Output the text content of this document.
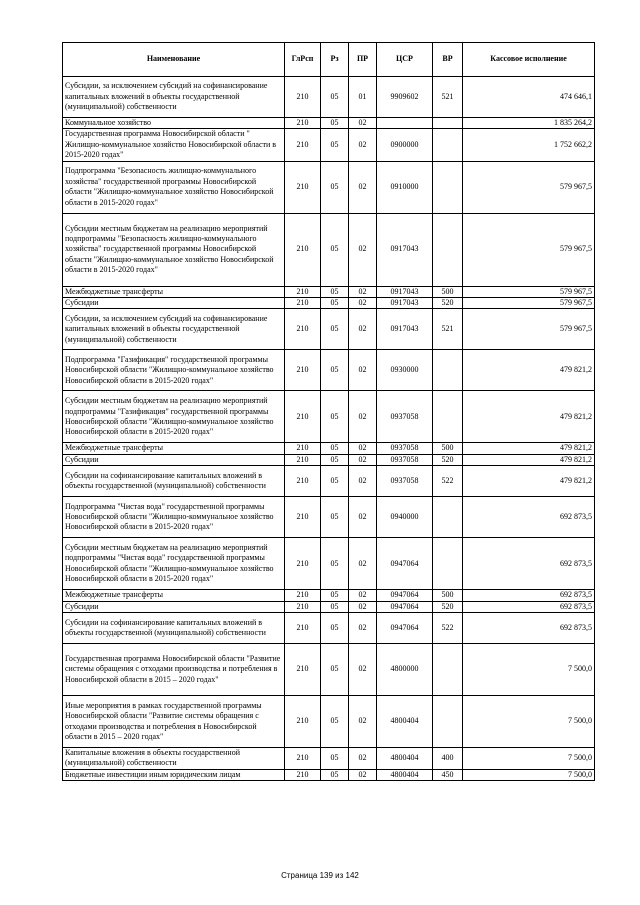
Наименование	ГлРсп	Рз	ПР	ЦСР	ВР	Кассовое исполнение
Субсидии, за исключением субсидий на софинансирование капитальных вложений в объекты государственной (муниципальной) собственности	210	05	01	9909602	521	474 646,1
Коммунальное хозяйство	210	05	02			1 835 264,2
Государственная программа Новосибирской области " Жилищно-коммунальное хозяйство Новосибирской области в 2015-2020 годах"	210	05	02	0900000		1 752 662,2
Подпрограмма "Безопасность жилищно-коммунального хозяйства" государственной программы Новосибирской области "Жилищно-коммунальное хозяйство Новосибирской области в 2015-2020 годах"	210	05	02	0910000		579 967,5
Субсидии местным бюджетам на реализацию мероприятий подпрограммы "Безопасность жилищно-коммунального хозяйства" государственной программы Новосибирской области "Жилищно-коммунальное хозяйство Новосибирской области в 2015-2020 годах"	210	05	02	0917043		579 967,5
Межбюджетные трансферты	210	05	02	0917043	500	579 967,5
Субсидии	210	05	02	0917043	520	579 967,5
Субсидии, за исключением субсидий на софинансирование капитальных вложений в объекты государственной (муниципальной) собственности	210	05	02	0917043	521	579 967,5
Подпрограмма "Газификация" государственной программы Новосибирской области "Жилищно-коммунальное хозяйство Новосибирской области в 2015-2020 годах"	210	05	02	0930000		479 821,2
Субсидии местным бюджетам на реализацию мероприятий подпрограммы "Газификация" государственной программы Новосибирской области "Жилищно-коммунальное хозяйство Новосибирской области в 2015-2020 годах"	210	05	02	0937058		479 821,2
Межбюджетные трансферты	210	05	02	0937058	500	479 821,2
Субсидии	210	05	02	0937058	520	479 821,2
Субсидии на софинансирование капитальных вложений в объекты государственной (муниципальной) собственности	210	05	02	0937058	522	479 821,2
Подпрограмма "Чистая вода" государственной программы Новосибирской области "Жилищно-коммунальное хозяйство Новосибирской области в 2015-2020 годах"	210	05	02	0940000		692 873,5
Субсидии местным бюджетам на реализацию мероприятий подпрограммы "Чистая вода" государственной программы Новосибирской области "Жилищно-коммунальное хозяйство Новосибирской области в 2015-2020 годах"	210	05	02	0947064		692 873,5
Межбюджетные трансферты	210	05	02	0947064	500	692 873,5
Субсидии	210	05	02	0947064	520	692 873,5
Субсидии на софинансирование капитальных вложений в объекты государственной (муниципальной) собственности	210	05	02	0947064	522	692 873,5
Государственная программа Новосибирской области "Развитие системы обращения с отходами производства и потребления в Новосибирской области в 2015 – 2020 годах"	210	05	02	4800000		7 500,0
Иные мероприятия в рамках государственной программы Новосибирской области "Развитие системы обращения с отходами производства и потребления в Новосибирской области в 2015 – 2020 годах"	210	05	02	4800404		7 500,0
Капитальные вложения в объекты государственной (муниципальной) собственности	210	05	02	4800404	400	7 500,0
Бюджетные инвестиции иным юридическим лицам	210	05	02	4800404	450	7 500,0
Страница 139 из 142
